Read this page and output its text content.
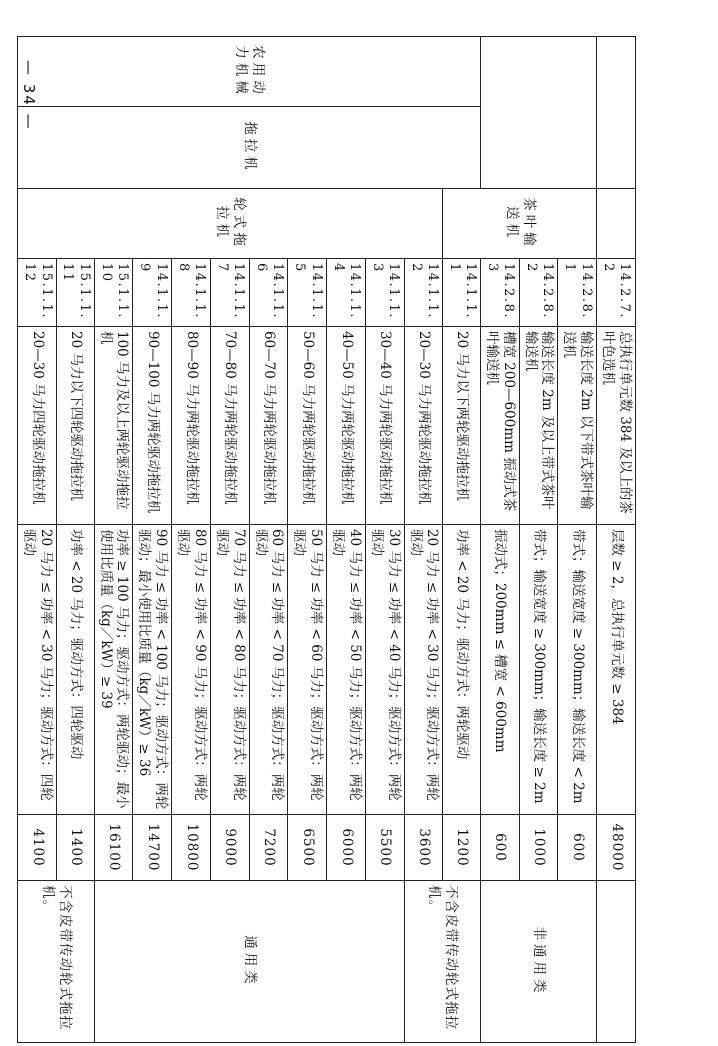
— 34 —
			14.2.7.2	总执行单元数 384 及以上的茶叶色选机	层数 ≥ 2，总执行单元数 ≥ 384	48000	
		茶叶输送机	14.2.8.1	输送长度 2m 以下带式茶叶输送机	带式；输送宽度 ≥ 300mm；输送长度 < 2m	600	非通用类
			14.2.8.2	输送长度 2m 及以上带式茶叶输送机	带式；输送宽度 ≥ 300mm；输送长度 ≥ 2m	1000	
			14.2.8.3	槽宽 200—600mm 振动式茶叶输送机	振动式；200mm ≤ 槽宽 < 600mm	600	
农用动力机械	拖拉机		14.1.1.1	20 马力以下两轮驱动拖拉机	功率 < 20 马力；驱动方式：两轮驱动	1200	不含皮带传动轮式拖拉机。
		轮式拖拉机	14.1.1.2	20—30 马力两轮驱动拖拉机	20 马力 ≤ 功率 < 30 马力；驱动方式：两轮驱动	3600	
			14.1.1.3	30—40 马力两轮驱动拖拉机	30 马力 ≤ 功率 < 40 马力；驱动方式：两轮驱动	5500	通用类
			14.1.1.4	40—50 马力两轮驱动拖拉机	40 马力 ≤ 功率 < 50 马力；驱动方式：两轮驱动	6000	
			14.1.1.5	50—60 马力两轮驱动拖拉机	50 马力 ≤ 功率 < 60 马力；驱动方式：两轮驱动	6500	
			14.1.1.6	60—70 马力两轮驱动拖拉机	60 马力 ≤ 功率 < 70 马力；驱动方式：两轮驱动	7200	
			14.1.1.7	70—80 马力两轮驱动拖拉机	70 马力 ≤ 功率 < 80 马力；驱动方式：两轮驱动	9000	
			14.1.1.8	80—90 马力两轮驱动拖拉机	80 马力 ≤ 功率 < 90 马力；驱动方式：两轮驱动	10800	
			14.1.1.9	90—100 马力两轮驱动拖拉机	90 马力 ≤ 功率 < 100 马力；驱动方式：两轮驱动；最小使用比质量（kg／kW）≥ 36	14700	
			15.1.1.10	100 马力及以上两轮驱动拖拉机	功率 ≥ 100 马力；驱动方式：两轮驱动；最小使用比质量（kg／kW）≥ 39	16100	
			15.1.1.11	20 马力以下四轮驱动拖拉机	功率 < 20 马力；驱动方式：四轮驱动	1400	不含皮带传动轮式拖拉机。
			15.1.1.12	20—30 马力四轮驱动拖拉机	20 马力 ≤ 功率 < 30 马力；驱动方式：四轮驱动	4100	
